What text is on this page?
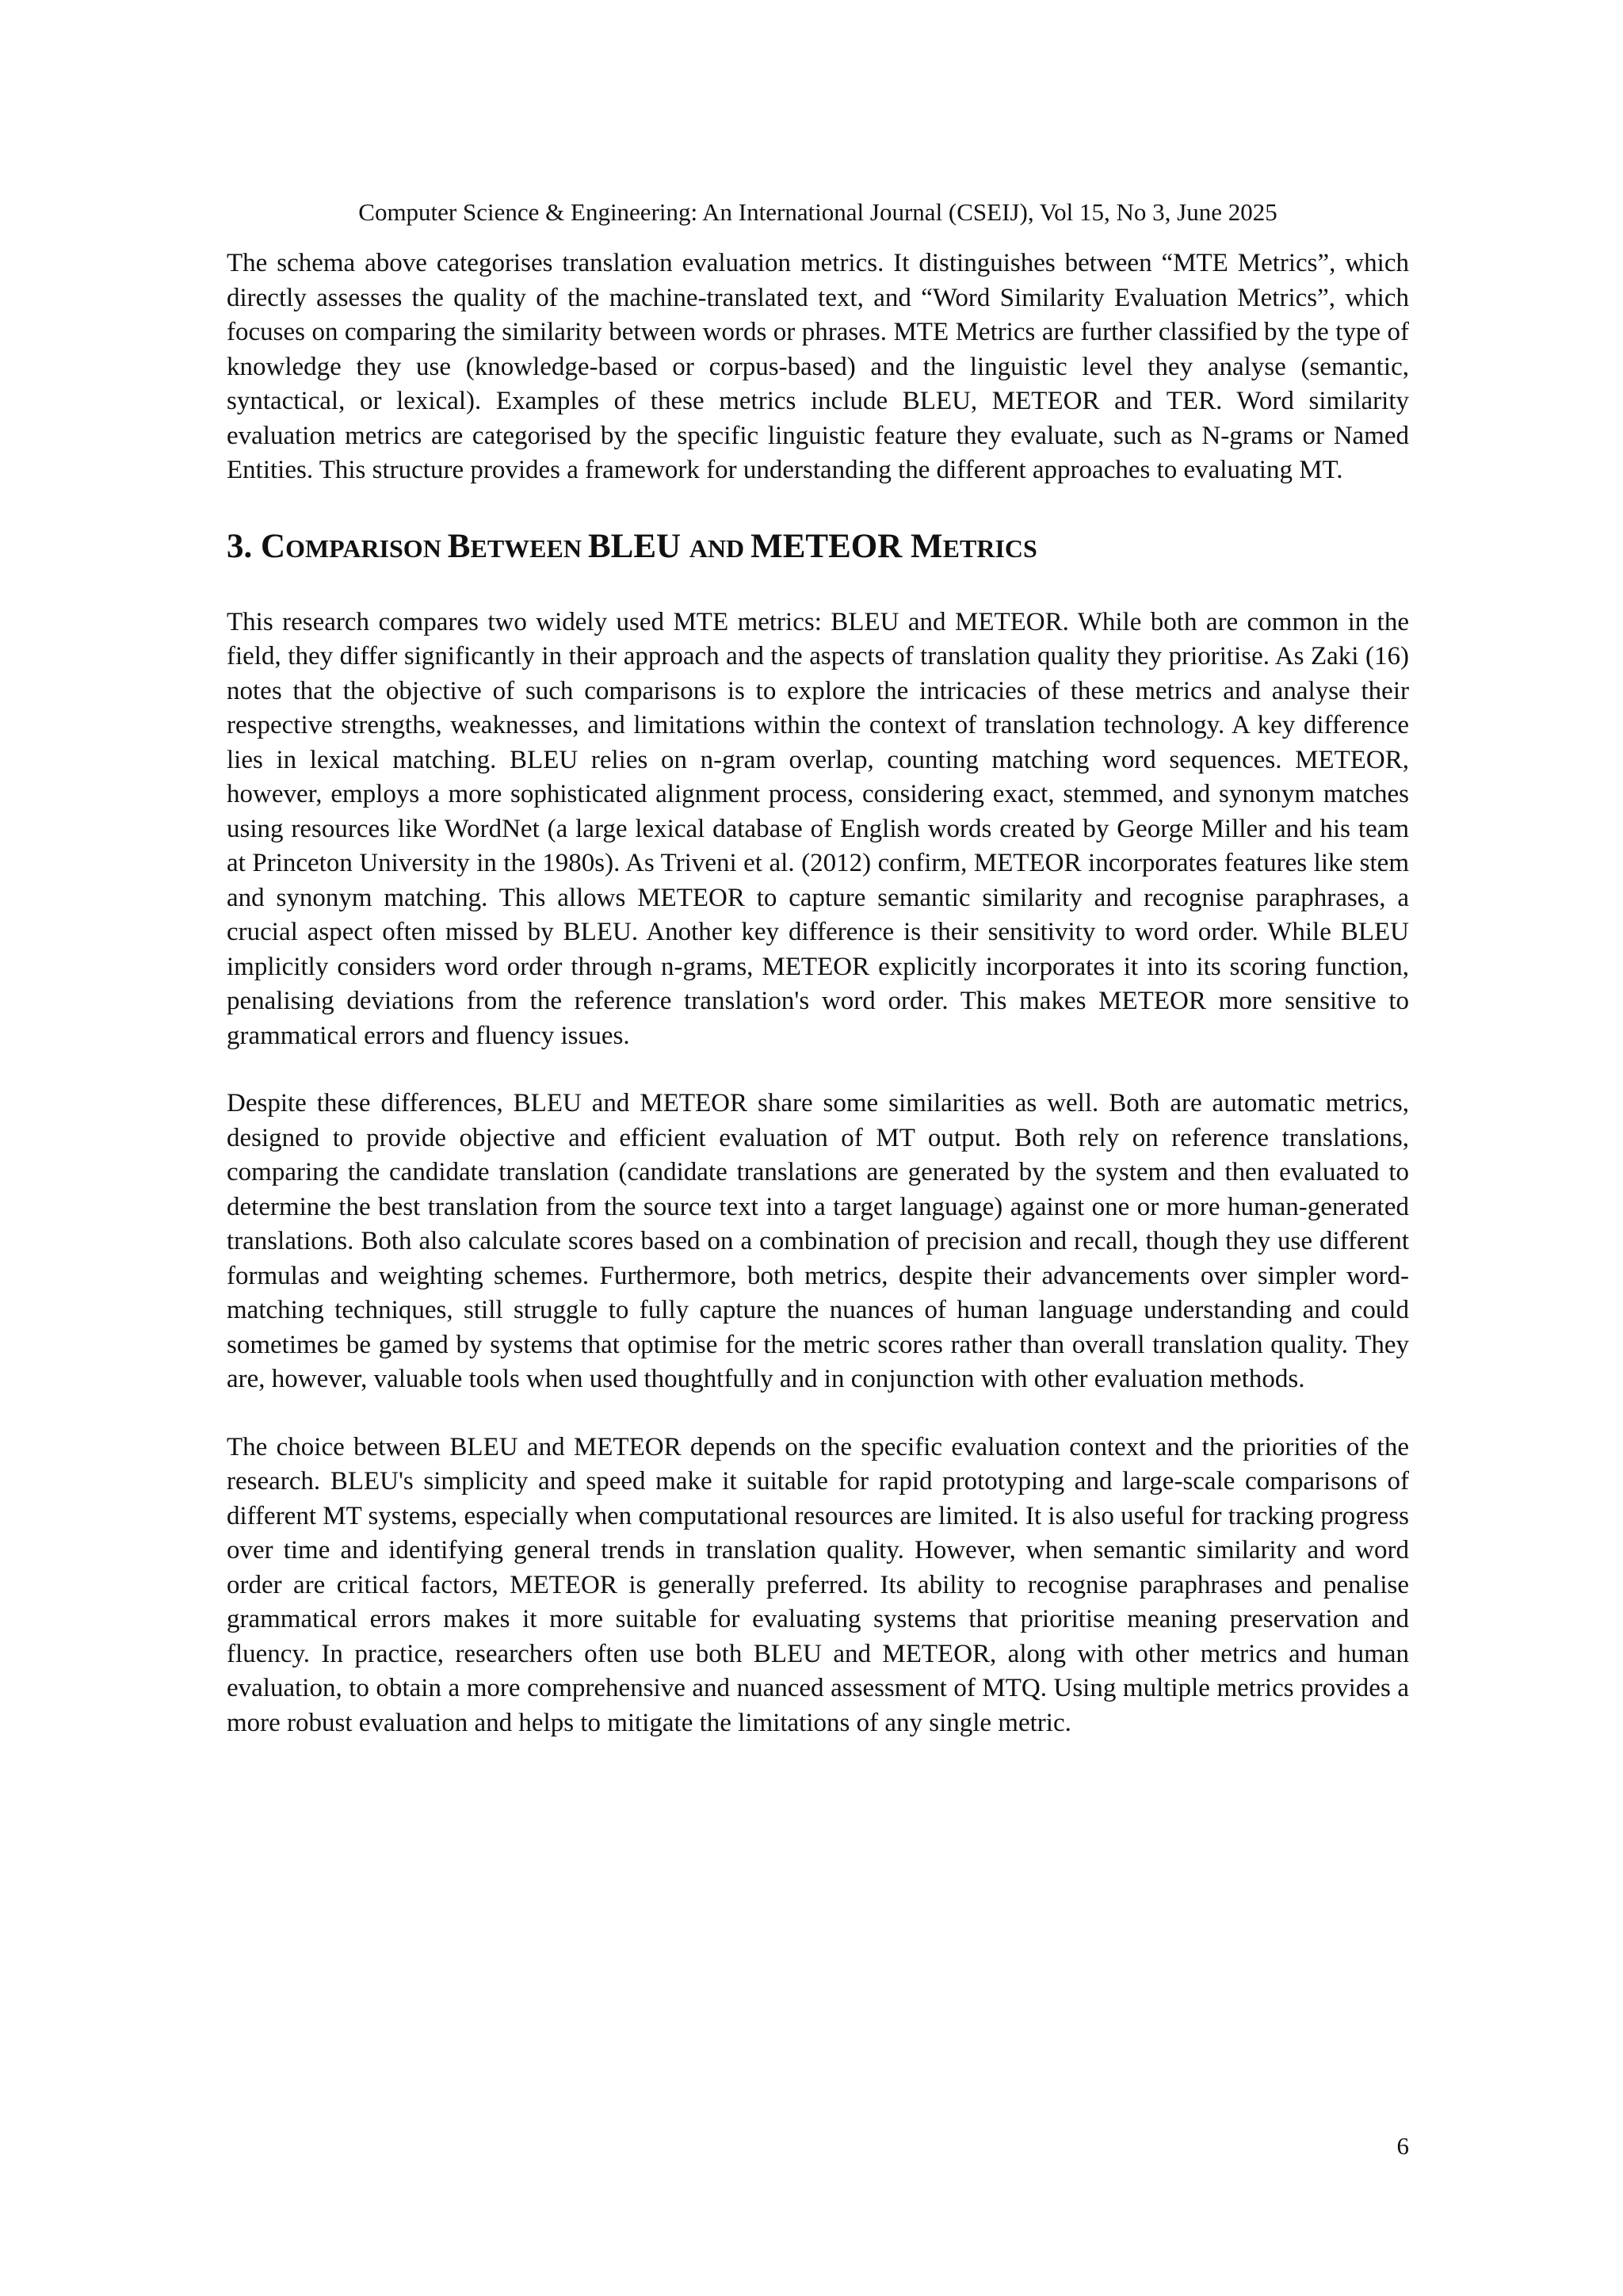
Computer Science & Engineering: An International Journal (CSEIJ), Vol 15, No 3, June 2025

The schema above categorises translation evaluation metrics. It distinguishes between “MTE Metrics”, which directly assesses the quality of the machine-translated text, and “Word Similarity Evaluation Metrics”, which focuses on comparing the similarity between words or phrases. MTE Metrics are further classified by the type of knowledge they use (knowledge-based or corpus-based) and the linguistic level they analyse (semantic, syntactical, or lexical). Examples of these metrics include BLEU, METEOR and TER. Word similarity evaluation metrics are categorised by the specific linguistic feature they evaluate, such as N-grams or Named Entities. This structure provides a framework for understanding the different approaches to evaluating MT.

3. COMPARISON BETWEEN BLEU AND METEOR METRICS

This research compares two widely used MTE metrics: BLEU and METEOR. While both are common in the field, they differ significantly in their approach and the aspects of translation quality they prioritise. As Zaki (16) notes that the objective of such comparisons is to explore the intricacies of these metrics and analyse their respective strengths, weaknesses, and limitations within the context of translation technology. A key difference lies in lexical matching. BLEU relies on n-gram overlap, counting matching word sequences. METEOR, however, employs a more sophisticated alignment process, considering exact, stemmed, and synonym matches using resources like WordNet (a large lexical database of English words created by George Miller and his team at Princeton University in the 1980s). As Triveni et al. (2012) confirm, METEOR incorporates features like stem and synonym matching. This allows METEOR to capture semantic similarity and recognise paraphrases, a crucial aspect often missed by BLEU. Another key difference is their sensitivity to word order. While BLEU implicitly considers word order through n-grams, METEOR explicitly incorporates it into its scoring function, penalising deviations from the reference translation's word order. This makes METEOR more sensitive to grammatical errors and fluency issues.

Despite these differences, BLEU and METEOR share some similarities as well. Both are automatic metrics, designed to provide objective and efficient evaluation of MT output. Both rely on reference translations, comparing the candidate translation (candidate translations are generated by the system and then evaluated to determine the best translation from the source text into a target language) against one or more human-generated translations. Both also calculate scores based on a combination of precision and recall, though they use different formulas and weighting schemes. Furthermore, both metrics, despite their advancements over simpler word-matching techniques, still struggle to fully capture the nuances of human language understanding and could sometimes be gamed by systems that optimise for the metric scores rather than overall translation quality. They are, however, valuable tools when used thoughtfully and in conjunction with other evaluation methods.

The choice between BLEU and METEOR depends on the specific evaluation context and the priorities of the research. BLEU's simplicity and speed make it suitable for rapid prototyping and large-scale comparisons of different MT systems, especially when computational resources are limited. It is also useful for tracking progress over time and identifying general trends in translation quality. However, when semantic similarity and word order are critical factors, METEOR is generally preferred. Its ability to recognise paraphrases and penalise grammatical errors makes it more suitable for evaluating systems that prioritise meaning preservation and fluency. In practice, researchers often use both BLEU and METEOR, along with other metrics and human evaluation, to obtain a more comprehensive and nuanced assessment of MTQ. Using multiple metrics provides a more robust evaluation and helps to mitigate the limitations of any single metric.

6
